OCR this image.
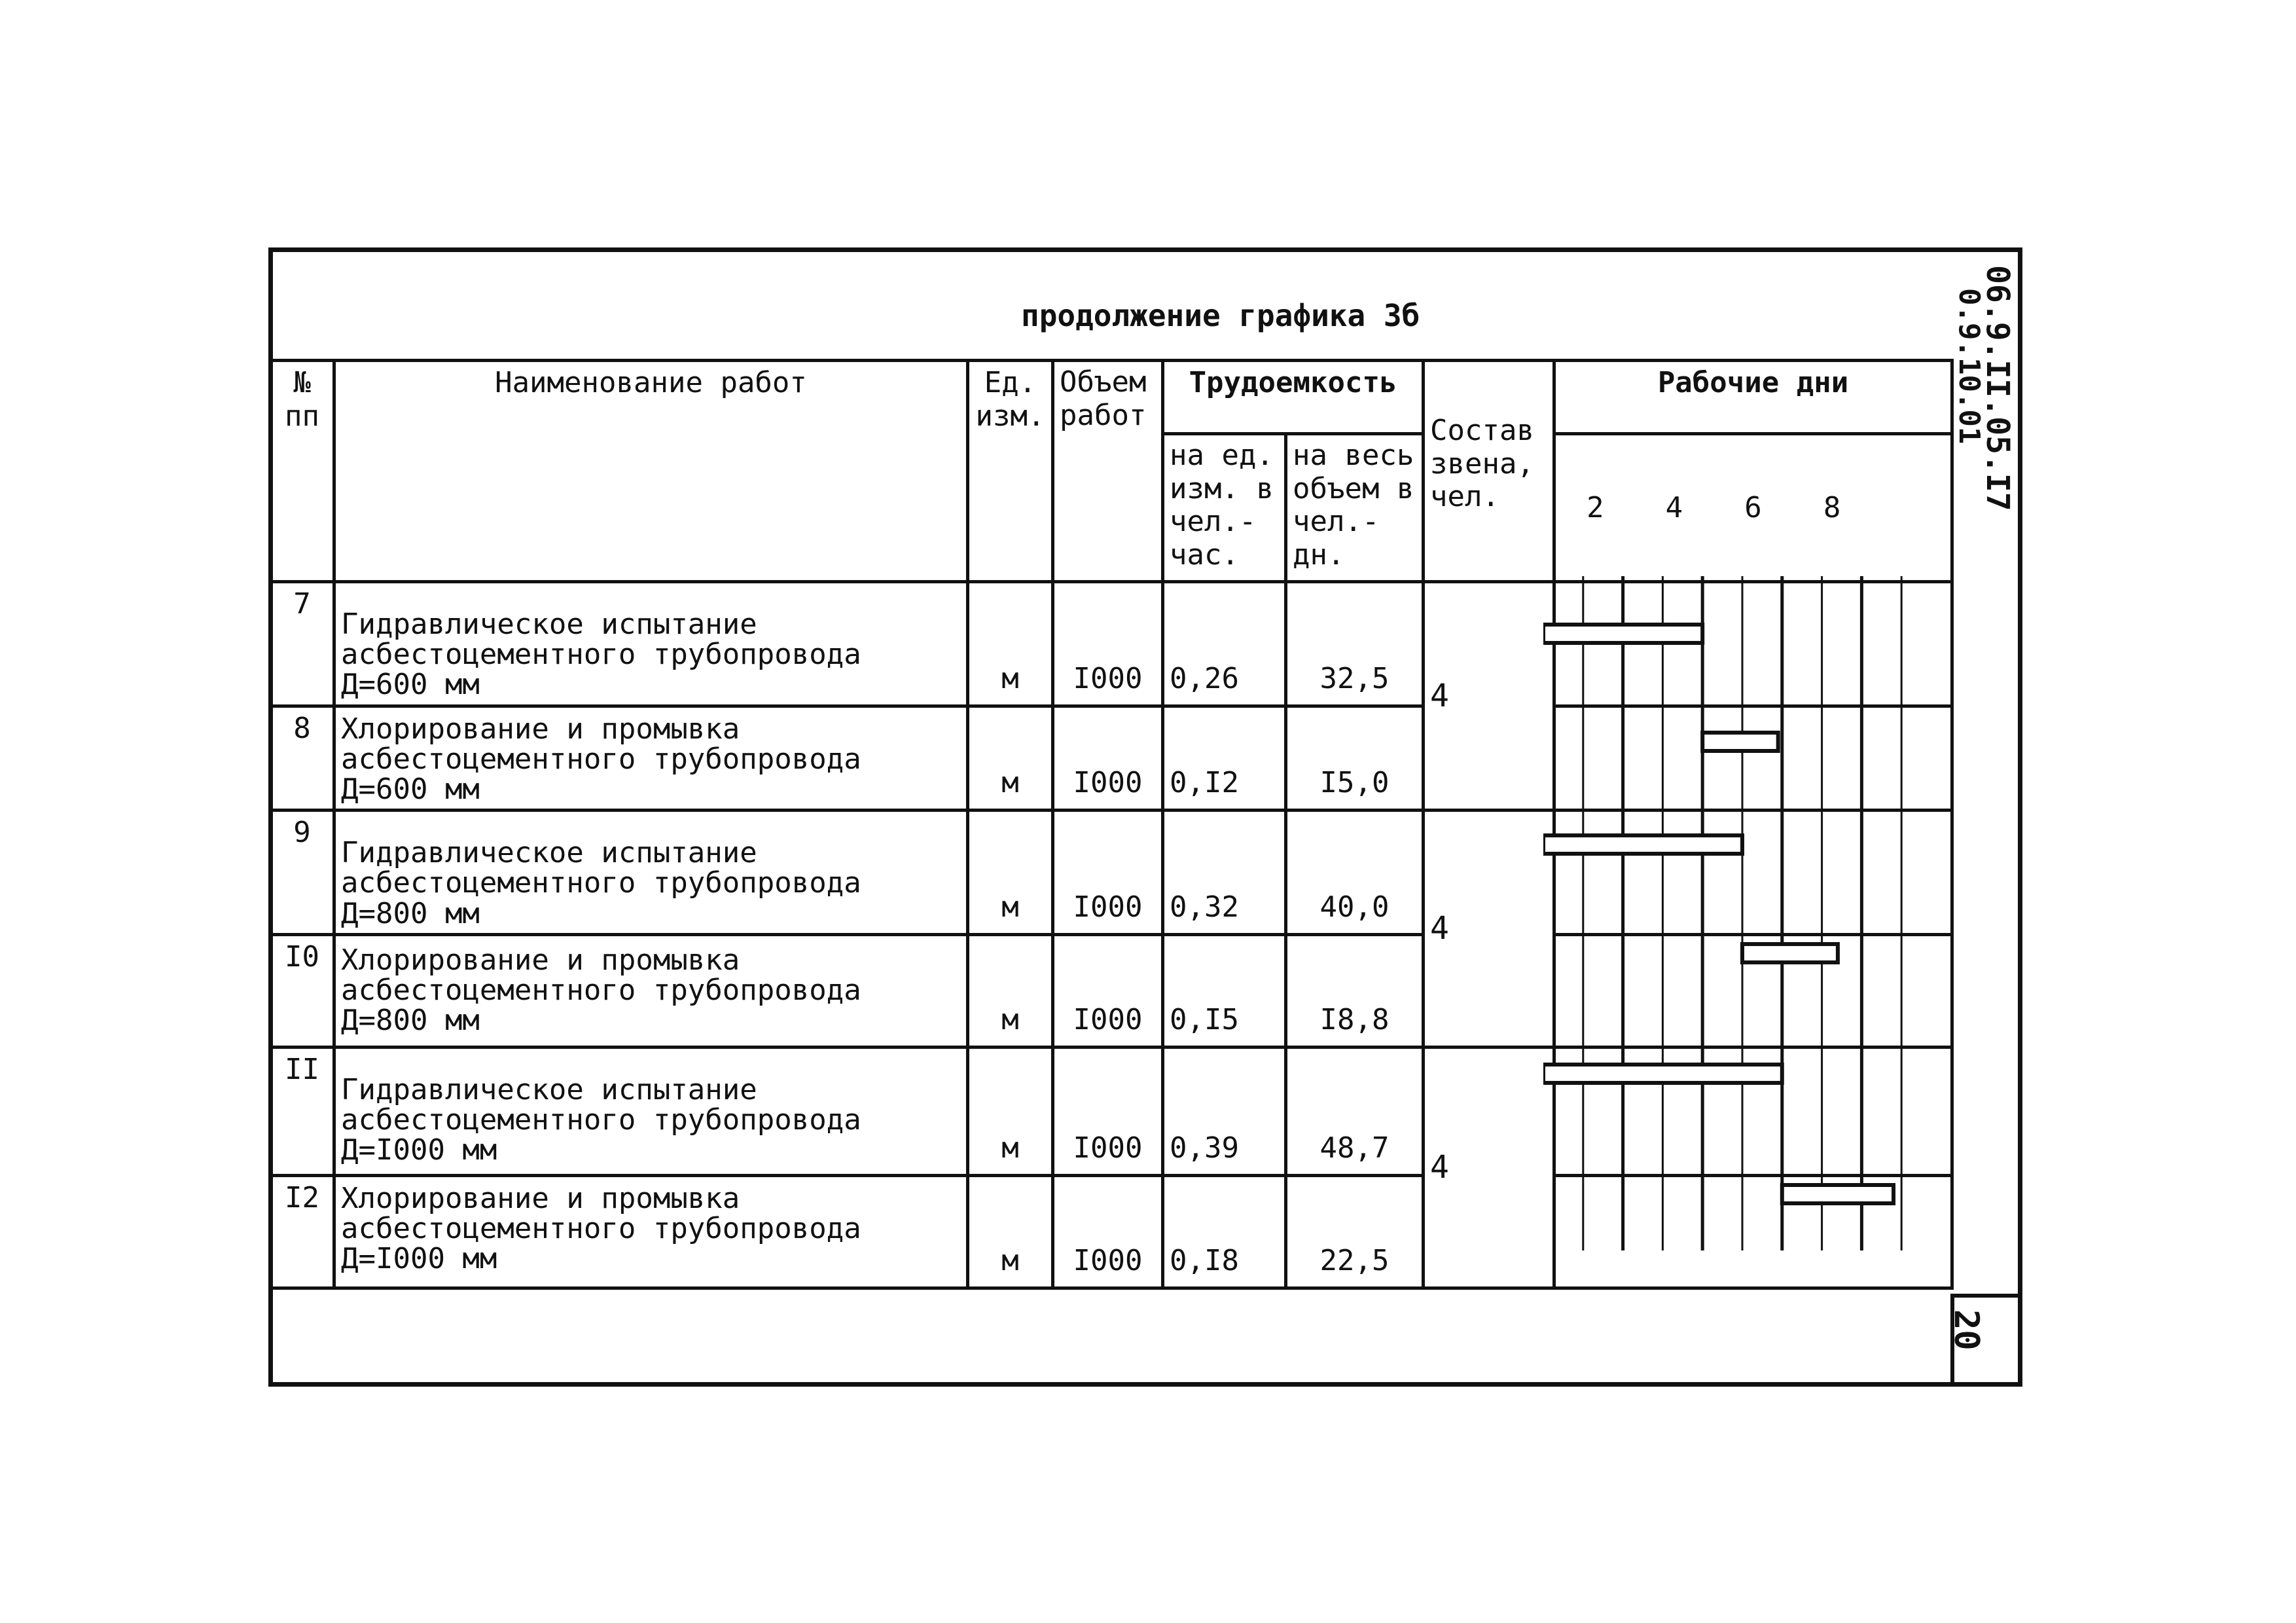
продолжение графика 3б	06.9.II.05.I7
0.9.10.01
20
№ пп	Наименование работ	Ед. изм.	Объем работ	Трудоемкость		Состав звена, чел.	Рабочие дни
				на ед. изм. в чел.-час.	на весь объем в чел.-дн.		2 4 6 8
7	Гидравлическое испытание асбестоцементного трубопровода Д=600 мм	м	I000	0,26	32,5	4	
8	Хлорирование и промывка асбестоцементного трубопровода Д=600 мм	м	I000	0,I2	I5,0		
9	Гидравлическое испытание асбестоцементного трубопровода Д=800 мм	м	I000	0,32	40,0	4	
I0	Хлорирование и промывка асбестоцементного трубопровода Д=800 мм	м	I000	0,I5	I8,8		
II	Гидравлическое испытание асбестоцементного трубопровода Д=I000 мм	м	I000	0,39	48,7	4	
I2	Хлорирование и промывка асбестоцементного трубопровода Д=I000 мм	м	I000	0,I8	22,5		
